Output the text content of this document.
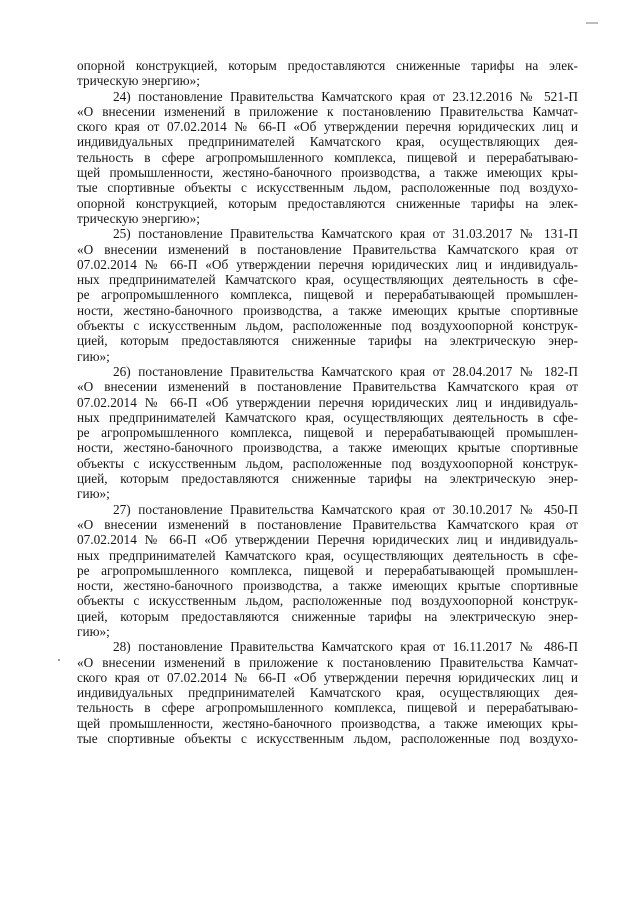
опорной конструкцией, которым предоставляются сниженные тарифы на элек-
трическую энергию»;
24) постановление Правительства Камчатского края от 23.12.2016 № 521-П
«О внесении изменений в приложение к постановлению Правительства Камчат-
ского края от 07.02.2014 № 66-П «Об утверждении перечня юридических лиц и
индивидуальных предпринимателей Камчатского края, осуществляющих дея-
тельность в сфере агропромышленного комплекса, пищевой и перерабатываю-
щей промышленности, жестяно-баночного производства, а также имеющих кры-
тые спортивные объекты с искусственным льдом, расположенные под воздухо-
опорной конструкцией, которым предоставляются сниженные тарифы на элек-
трическую энергию»;
25) постановление Правительства Камчатского края от 31.03.2017 № 131-П
«О внесении изменений в постановление Правительства Камчатского края от
07.02.2014 № 66-П «Об утверждении перечня юридических лиц и индивидуаль-
ных предпринимателей Камчатского края, осуществляющих деятельность в сфе-
ре агропромышленного комплекса, пищевой и перерабатывающей промышлен-
ности, жестяно-баночного производства, а также имеющих крытые спортивные
объекты с искусственным льдом, расположенные под воздухоопорной конструк-
цией, которым предоставляются сниженные тарифы на электрическую энер-
гию»;
26) постановление Правительства Камчатского края от 28.04.2017 № 182-П
«О внесении изменений в постановление Правительства Камчатского края от
07.02.2014 № 66-П «Об утверждении перечня юридических лиц и индивидуаль-
ных предпринимателей Камчатского края, осуществляющих деятельность в сфе-
ре агропромышленного комплекса, пищевой и перерабатывающей промышлен-
ности, жестяно-баночного производства, а также имеющих крытые спортивные
объекты с искусственным льдом, расположенные под воздухоопорной конструк-
цией, которым предоставляются сниженные тарифы на электрическую энер-
гию»;
27) постановление Правительства Камчатского края от 30.10.2017 № 450-П
«О внесении изменений в постановление Правительства Камчатского края от
07.02.2014 № 66-П «Об утверждении Перечня юридических лиц и индивидуаль-
ных предпринимателей Камчатского края, осуществляющих деятельность в сфе-
ре агропромышленного комплекса, пищевой и перерабатывающей промышлен-
ности, жестяно-баночного производства, а также имеющих крытые спортивные
объекты с искусственным льдом, расположенные под воздухоопорной конструк-
цией, которым предоставляются сниженные тарифы на электрическую энер-
гию»;
28) постановление Правительства Камчатского края от 16.11.2017 № 486-П
«О внесении изменений в приложение к постановлению Правительства Камчат-
ского края от 07.02.2014 № 66-П «Об утверждении перечня юридических лиц и
индивидуальных предпринимателей Камчатского края, осуществляющих дея-
тельность в сфере агропромышленного комплекса, пищевой и перерабатываю-
щей промышленности, жестяно-баночного производства, а также имеющих кры-
тые спортивные объекты с искусственным льдом, расположенные под воздухо-
